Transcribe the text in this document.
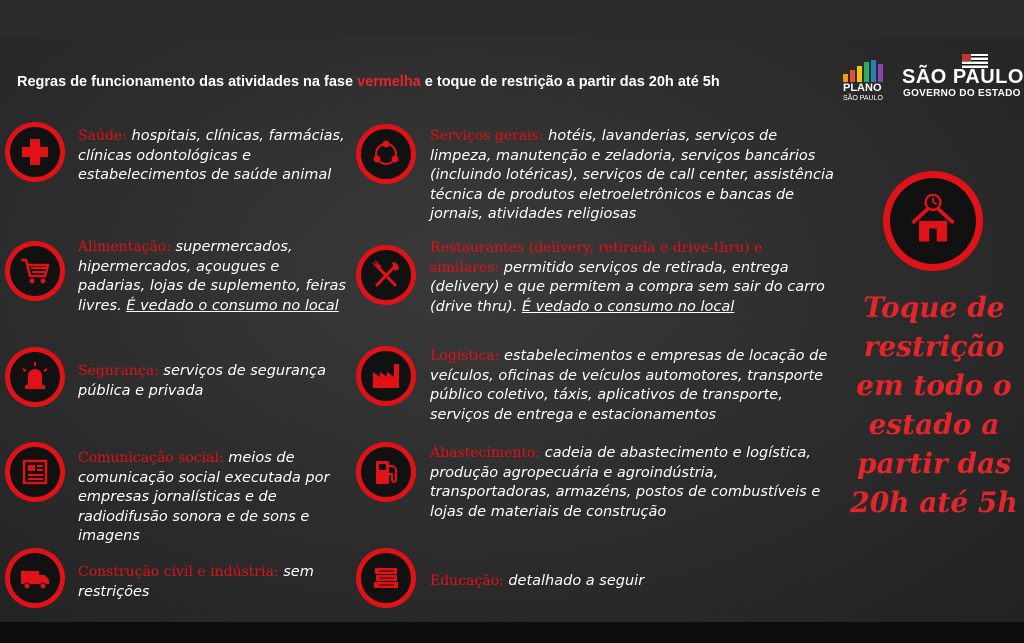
Regras de funcionamento das atividades na fase vermelha e toque de restrição a partir das 20h até 5h	PLANO
SÃO PAULO
SÃO PAULO
GOVERNO DO ESTADO
Saúde: hospitais, clínicas, farmácias, clínicas odontológicas e estabelecimentos de saúde animal
Alimentação: supermercados, hipermercados, açougues e padarias, lojas de suplemento, feiras livres. É vedado o consumo no local
Segurança: serviços de segurança pública e privada
Comunicação social: meios de comunicação social executada por empresas jornalísticas e de radiodifusão sonora e de sons e imagens
Construção civil e indústria: sem restrições
Serviços gerais: hotéis, lavanderias, serviços de limpeza, manutenção e zeladoria, serviços bancários (incluindo lotéricas), serviços de call center, assistência técnica de produtos eletroeletrônicos e bancas de jornais, atividades religiosas
Restaurantes (delivery, retirada e drive-thru) e similares: permitido serviços de retirada, entrega (delivery) e que permitem a compra sem sair do carro (drive thru). É vedado o consumo no local
Logística: estabelecimentos e empresas de locação de veículos, oficinas de veículos automotores, transporte público coletivo, táxis, aplicativos de transporte, serviços de entrega e estacionamentos
Abastecimento: cadeia de abastecimento e logística, produção agropecuária e agroindústria, transportadoras, armazéns, postos de combustíveis e lojas de materiais de construção
Educação: detalhado a seguir
Toque de restrição em todo o estado a partir das 20h até 5h
